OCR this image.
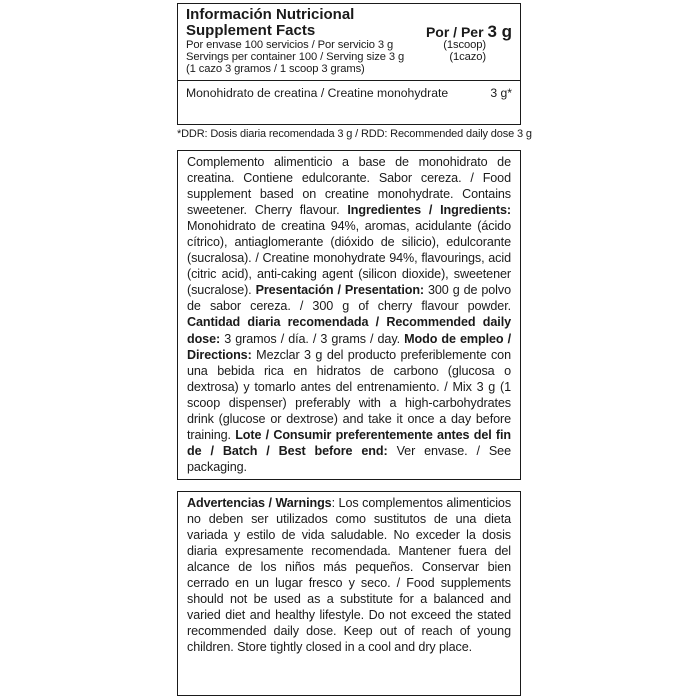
Información Nutricional
Supplement Facts	Por / Per 3 g
Por envase 100 servicios / Por servicio 3 g	(1scoop)
Servings per container 100 / Serving size 3 g	(1cazo)
(1 cazo 3 gramos / 1 scoop 3 grams)
Monohidrato de creatina / Creatine monohydrate	3 g*
*DDR: Dosis diaria recomendada 3 g / RDD: Recommended daily dose 3 g

Complemento alimenticio a base de monohidrato de creatina. Contiene edulcorante. Sabor cereza. / Food supplement based on creatine monohydrate. Contains sweetener. Cherry flavour. Ingredientes / Ingredients: Monohidrato de creatina 94%, aromas, acidulante (ácido cítrico), antiaglomerante (dióxido de silicio), edulcorante (sucralosa). / Creatine monohydrate 94%, flavourings, acid (citric acid), anti-caking agent (silicon dioxide), sweetener (sucralose). Presentación / Presentation: 300 g de polvo de sabor cereza. / 300 g of cherry flavour powder. Cantidad diaria recomendada / Recommended daily dose: 3 gramos / día. / 3 grams / day. Modo de empleo / Directions: Mezclar 3 g del producto preferiblemente con una bebida rica en hidratos de carbono (glucosa o dextrosa) y tomarlo antes del entrenamiento. / Mix 3 g (1 scoop dispenser) preferably with a high-carbohydrates drink (glucose or dextrose) and take it once a day before training. Lote / Consumir preferentemente antes del fin de / Batch / Best before end: Ver envase. / See packaging.

Advertencias / Warnings: Los complementos alimenticios no deben ser utilizados como sustitutos de una dieta variada y estilo de vida saludable. No exceder la dosis diaria expresamente recomendada. Mantener fuera del alcance de los niños más pequeños. Conservar bien cerrado en un lugar fresco y seco. / Food supplements should not be used as a substitute for a balanced and varied diet and healthy lifestyle. Do not exceed the stated recommended daily dose. Keep out of reach of young children. Store tightly closed in a cool and dry place.
